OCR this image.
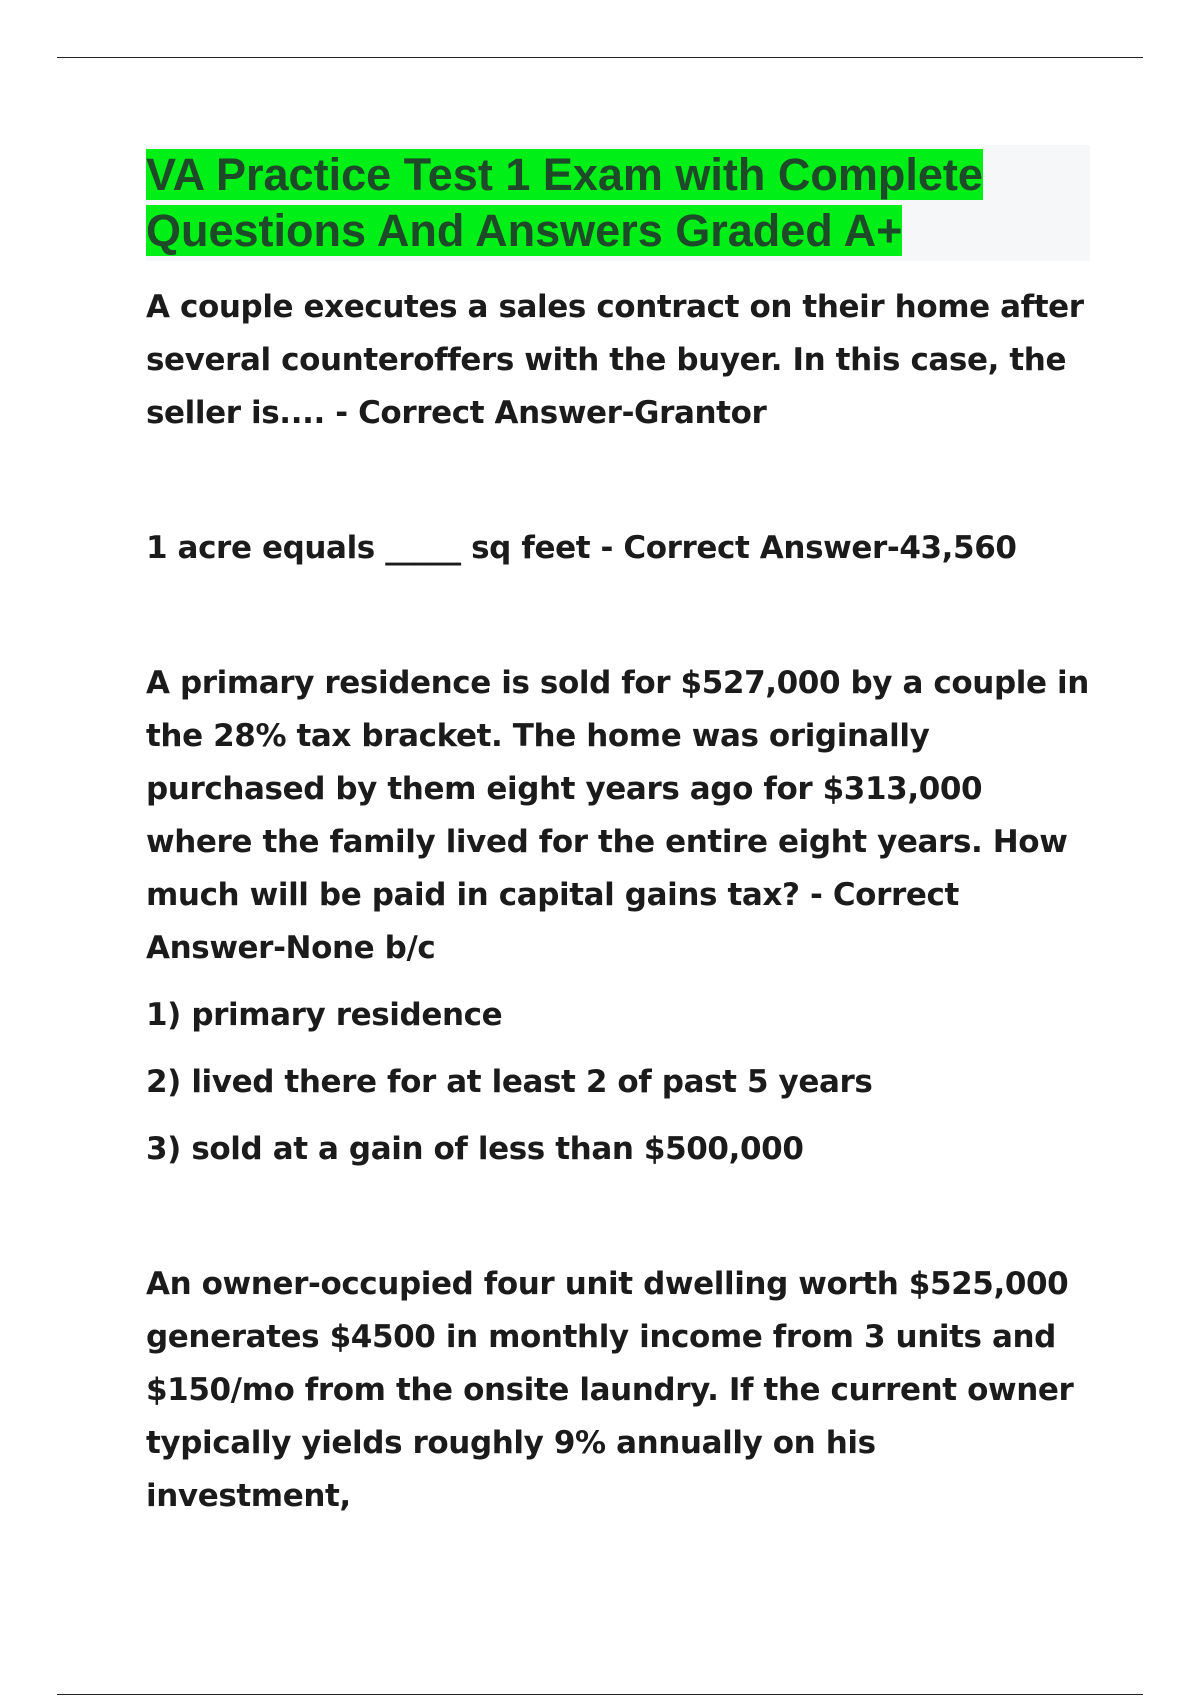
VA Practice Test 1 Exam with Complete Questions And Answers Graded A+

A couple executes a sales contract on their home after several counteroffers with the buyer. In this case, the seller is.... - Correct Answer-Grantor

1 acre equals _____ sq feet - Correct Answer-43,560

A primary residence is sold for $527,000 by a couple in the 28% tax bracket. The home was originally purchased by them eight years ago for $313,000 where the family lived for the entire eight years. How much will be paid in capital gains tax? - Correct Answer-None b/c

1) primary residence

2) lived there for at least 2 of past 5 years

3) sold at a gain of less than $500,000

An owner-occupied four unit dwelling worth $525,000 generates $4500 in monthly income from 3 units and $150/mo from the onsite laundry. If the current owner typically yields roughly 9% annually on his investment,
